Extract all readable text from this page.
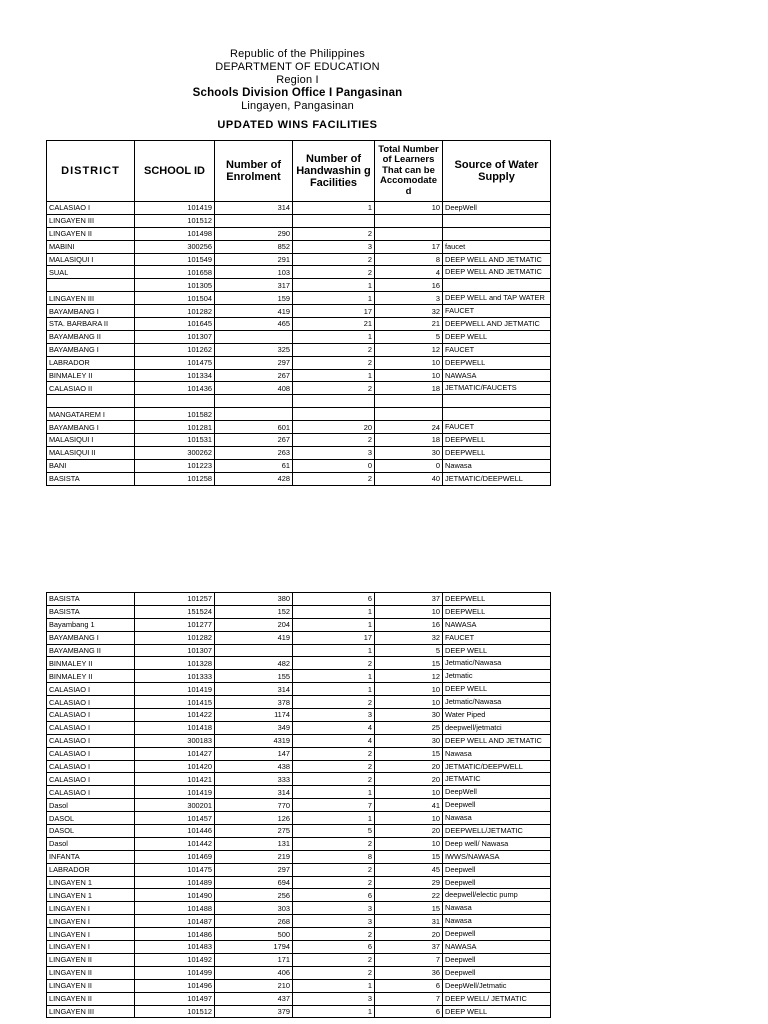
Republic of the Philippines
DEPARTMENT OF EDUCATION
Region I
Schools Division Office I Pangasinan
Lingayen, Pangasinan
UPDATED WINS FACILITIES
DISTRICT	SCHOOL ID	Number of Enrolment	Number of Handwashin g Facilities	Total Number of Learners That can be Accomodate d	Source of Water Supply
CALASIAO I	101419	314	1	10	DeepWell

LINGAYEN III	101512				

LINGAYEN II	101498	290	2		

MABINI	300256	852	3	17	faucet

MALASIQUI I	101549	291	2	8	DEEP WELL AND JETMATIC

SUAL	101658	103	2	4	DEEP WELL AND JETMATIC

	101305	317	1	16	

LINGAYEN III	101504	159	1	3	DEEP WELL and TAP WATER

BAYAMBANG I	101282	419	17	32	FAUCET

STA. BARBARA II	101645	465	21	21	DEEPWELL AND JETMATIC

BAYAMBANG II	101307		1	5	DEEP WELL

BAYAMBANG I	101262	325	2	12	FAUCET

LABRADOR	101475	297	2	10	DEEPWELL

BINMALEY II	101334	267	1	10	NAWASA

CALASIAO II	101436	408	2	18	JETMATIC/FAUCETS

MANGATAREM I	101582				

BAYAMBANG I	101281	601	20	24	FAUCET

MALASIQUI I	101531	267	2	18	DEEPWELL

MALASIQUI II	300262	263	3	30	DEEPWELL

BANI	101223	61	0	0	Nawasa

BASISTA	101258	428	2	40	JETMATIC/DEEPWELL
BASISTA	101257	380	6	37	DEEPWELL

BASISTA	151524	152	1	10	DEEPWELL

Bayambang 1	101277	204	1	16	NAWASA

BAYAMBANG I	101282	419	17	32	FAUCET

BAYAMBANG II	101307		1	5	DEEP WELL

BINMALEY II	101328	482	2	15	Jetmatic/Nawasa

BINMALEY II	101333	155	1	12	Jetmatic

CALASIAO I	101419	314	1	10	DEEP WELL

CALASIAO I	101415	378	2	10	Jetmatic/Nawasa

CALASIAO I	101422	1174	3	30	Water Piped

CALASIAO I	101418	349	4	25	deepwell/jetmatci

CALASIAO I	300183	4319	4	30	DEEP WELL AND JETMATIC

CALASIAO I	101427	147	2	15	Nawasa

CALASIAO I	101420	438	2	20	JETMATIC/DEEPWELL

CALASIAO I	101421	333	2	20	JETMATIC

CALASIAO I	101419	314	1	10	DeepWell

Dasol	300201	770	7	41	Deepwell

DASOL	101457	126	1	10	Nawasa

DASOL	101446	275	5	20	DEEPWELL/JETMATIC

Dasol	101442	131	2	10	Deep well/ Nawasa

INFANTA	101469	219	8	15	IWWS/NAWASA

LABRADOR	101475	297	2	45	Deepwell

LINGAYEN 1	101489	694	2	29	Deepwell

LINGAYEN 1	101490	256	6	22	deepwell/electic pump

LINGAYEN I	101488	303	3	15	Nawasa

LINGAYEN I	101487	268	3	31	Nawasa

LINGAYEN I	101486	500	2	20	Deepwell

LINGAYEN I	101483	1794	6	37	NAWASA

LINGAYEN II	101492	171	2	7	Deepwell

LINGAYEN II	101499	406	2	36	Deepwell

LINGAYEN II	101496	210	1	6	DeepWell/Jetmatic

LINGAYEN II	101497	437	3	7	DEEP WELL/ JETMATIC

LINGAYEN III	101512	379	1	6	DEEP WELL
